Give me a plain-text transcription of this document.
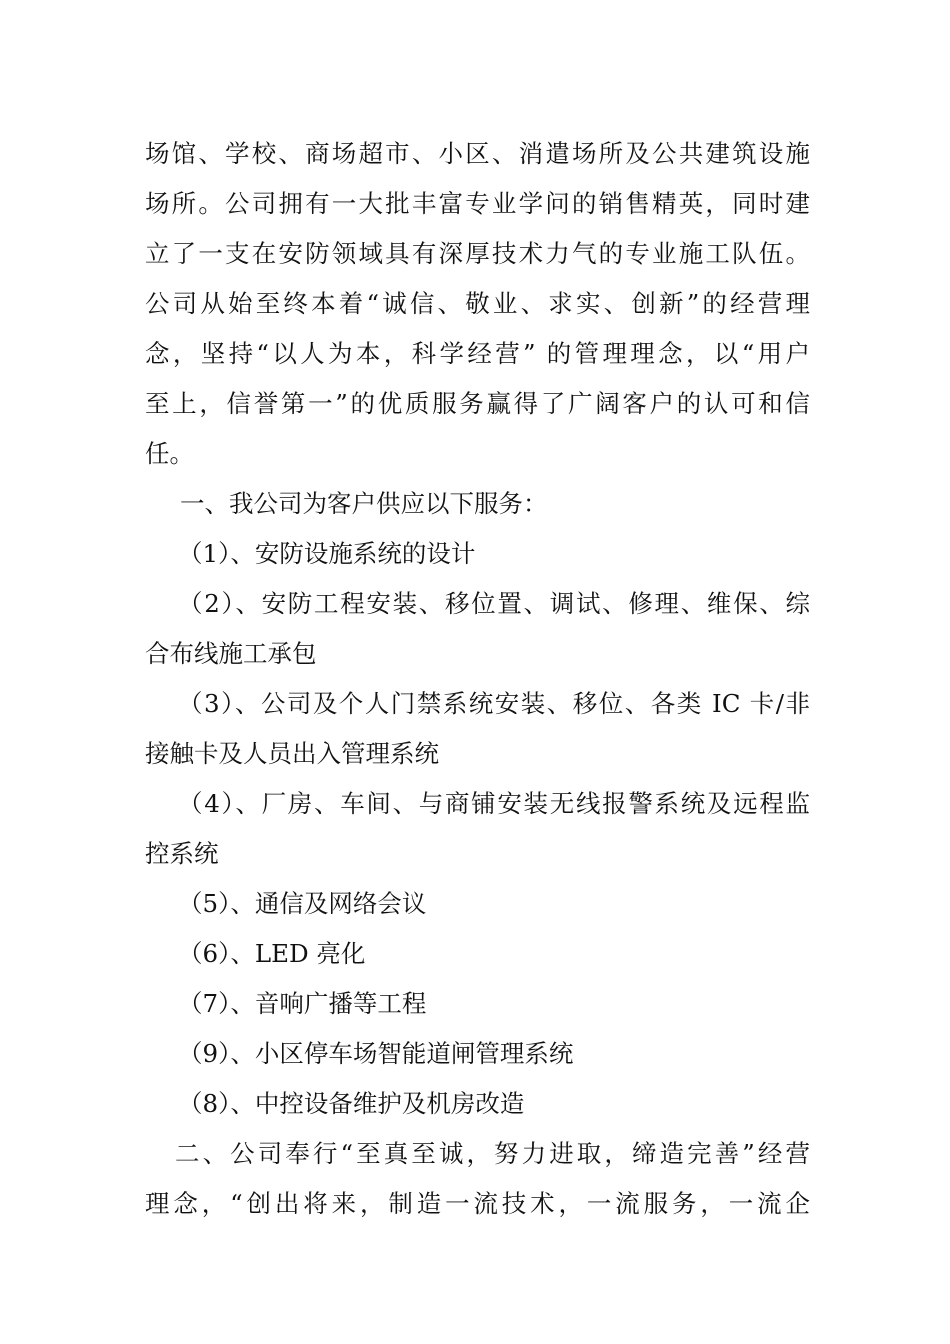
场馆、学校、商场超市、小区、消遣场所及公共建筑设施
场所。公司拥有一大批丰富专业学问的销售精英，同时建
立了一支在安防领域具有深厚技术力气的专业施工队伍。
公司从始至终本着“诚信、敬业、求实、创新”的经营理
念，坚持“以人为本，科学经营” 的管理理念，以“用户
至上，信誉第一”的优质服务赢得了广阔客户的认可和信
任。
一、我公司为客户供应以下服务：
（1）、安防设施系统的设计
（2）、安防工程安装、移位置、调试、修理、维保、综
合布线施工承包
（3）、公司及个人门禁系统安装、移位、各类 IC 卡/非
接触卡及人员出入管理系统
（4）、厂房、车间、与商铺安装无线报警系统及远程监
控系统
（5）、通信及网络会议
（6）、LED 亮化
（7）、音响广播等工程
（9）、小区停车场智能道闸管理系统
（8）、中控设备维护及机房改造
二、公司奉行“至真至诚，努力进取，缔造完善”经营
理念，“创出将来，制造一流技术，一流服务，一流企
